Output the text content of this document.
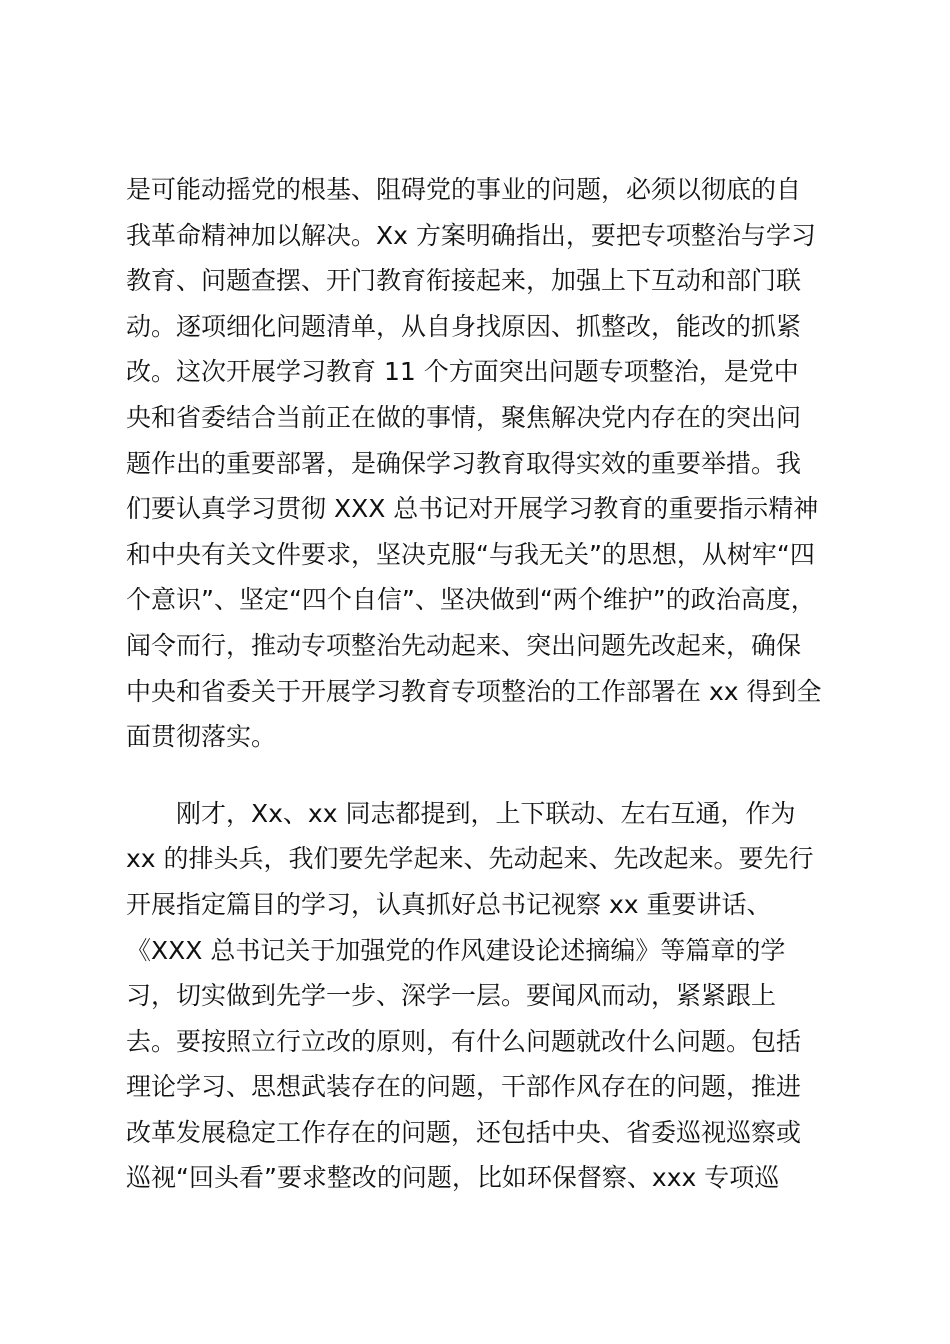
是可能动摇党的根基、阻碍党的事业的问题，必须以彻底的自
我革命精神加以解决。Xx 方案明确指出，要把专项整治与学习
教育、问题查摆、开门教育衔接起来，加强上下互动和部门联
动。逐项细化问题清单，从自身找原因、抓整改，能改的抓紧
改。这次开展学习教育 11 个方面突出问题专项整治，是党中
央和省委结合当前正在做的事情，聚焦解决党内存在的突出问
题作出的重要部署，是确保学习教育取得实效的重要举措。我
们要认真学习贯彻 XXX 总书记对开展学习教育的重要指示精神
和中央有关文件要求，坚决克服“与我无关”的思想，从树牢“四
个意识”、坚定“四个自信”、坚决做到“两个维护”的政治高度，
闻令而行，推动专项整治先动起来、突出问题先改起来，确保
中央和省委关于开展学习教育专项整治的工作部署在 xx 得到全
面贯彻落实。
刚才，Xx、xx 同志都提到，上下联动、左右互通，作为
xx 的排头兵，我们要先学起来、先动起来、先改起来。要先行
开展指定篇目的学习，认真抓好总书记视察 xx 重要讲话、
《XXX 总书记关于加强党的作风建设论述摘编》等篇章的学
习，切实做到先学一步、深学一层。要闻风而动，紧紧跟上
去。要按照立行立改的原则，有什么问题就改什么问题。包括
理论学习、思想武装存在的问题，干部作风存在的问题，推进
改革发展稳定工作存在的问题，还包括中央、省委巡视巡察或
巡视“回头看”要求整改的问题，比如环保督察、xxx 专项巡
